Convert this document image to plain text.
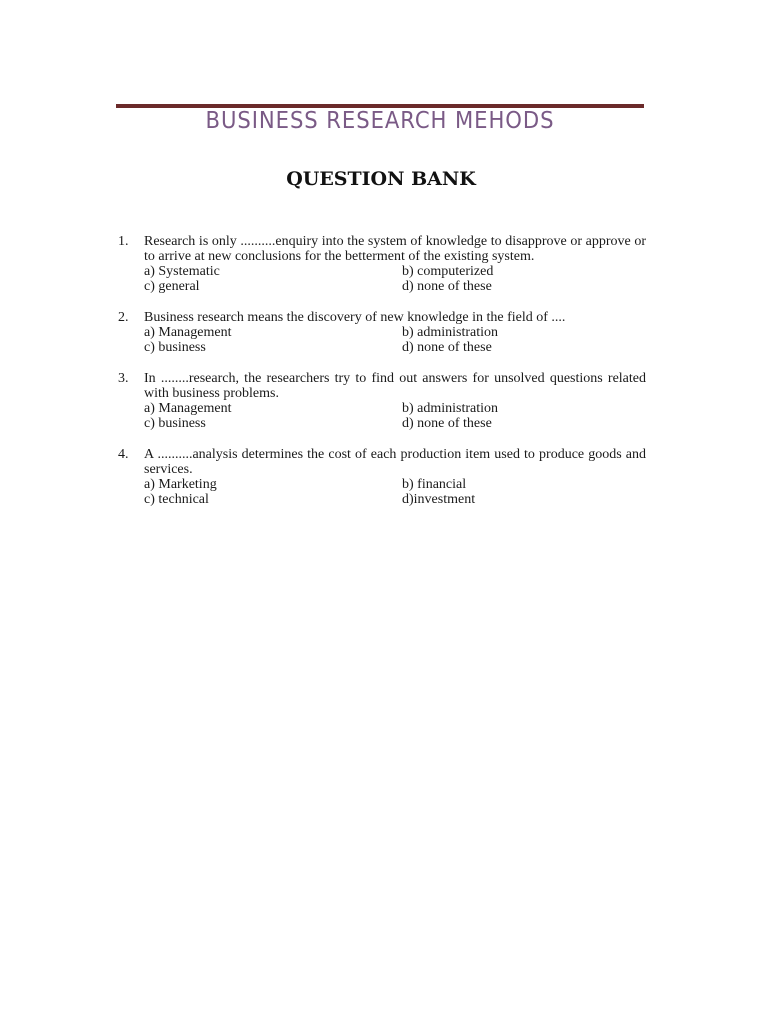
BUSINESS RESEARCH MEHODS
QUESTION BANK
1.	Research is only ..........enquiry into the system of knowledge to disapprove or approve or to arrive at new conclusions for the betterment of the existing system.
a) Systematic	b) computerized
c) general	d) none of these
2.	Business research means the discovery of new knowledge in the field of ....
a) Management	b) administration
c) business	d) none of these
3.	In ........research, the researchers try to find out answers for unsolved questions related with business problems.
a) Management	b) administration
c) business	d) none of these
4.	A ..........analysis determines the cost of each production item used to produce goods and services.
a) Marketing	b) financial
c) technical	d)investment
